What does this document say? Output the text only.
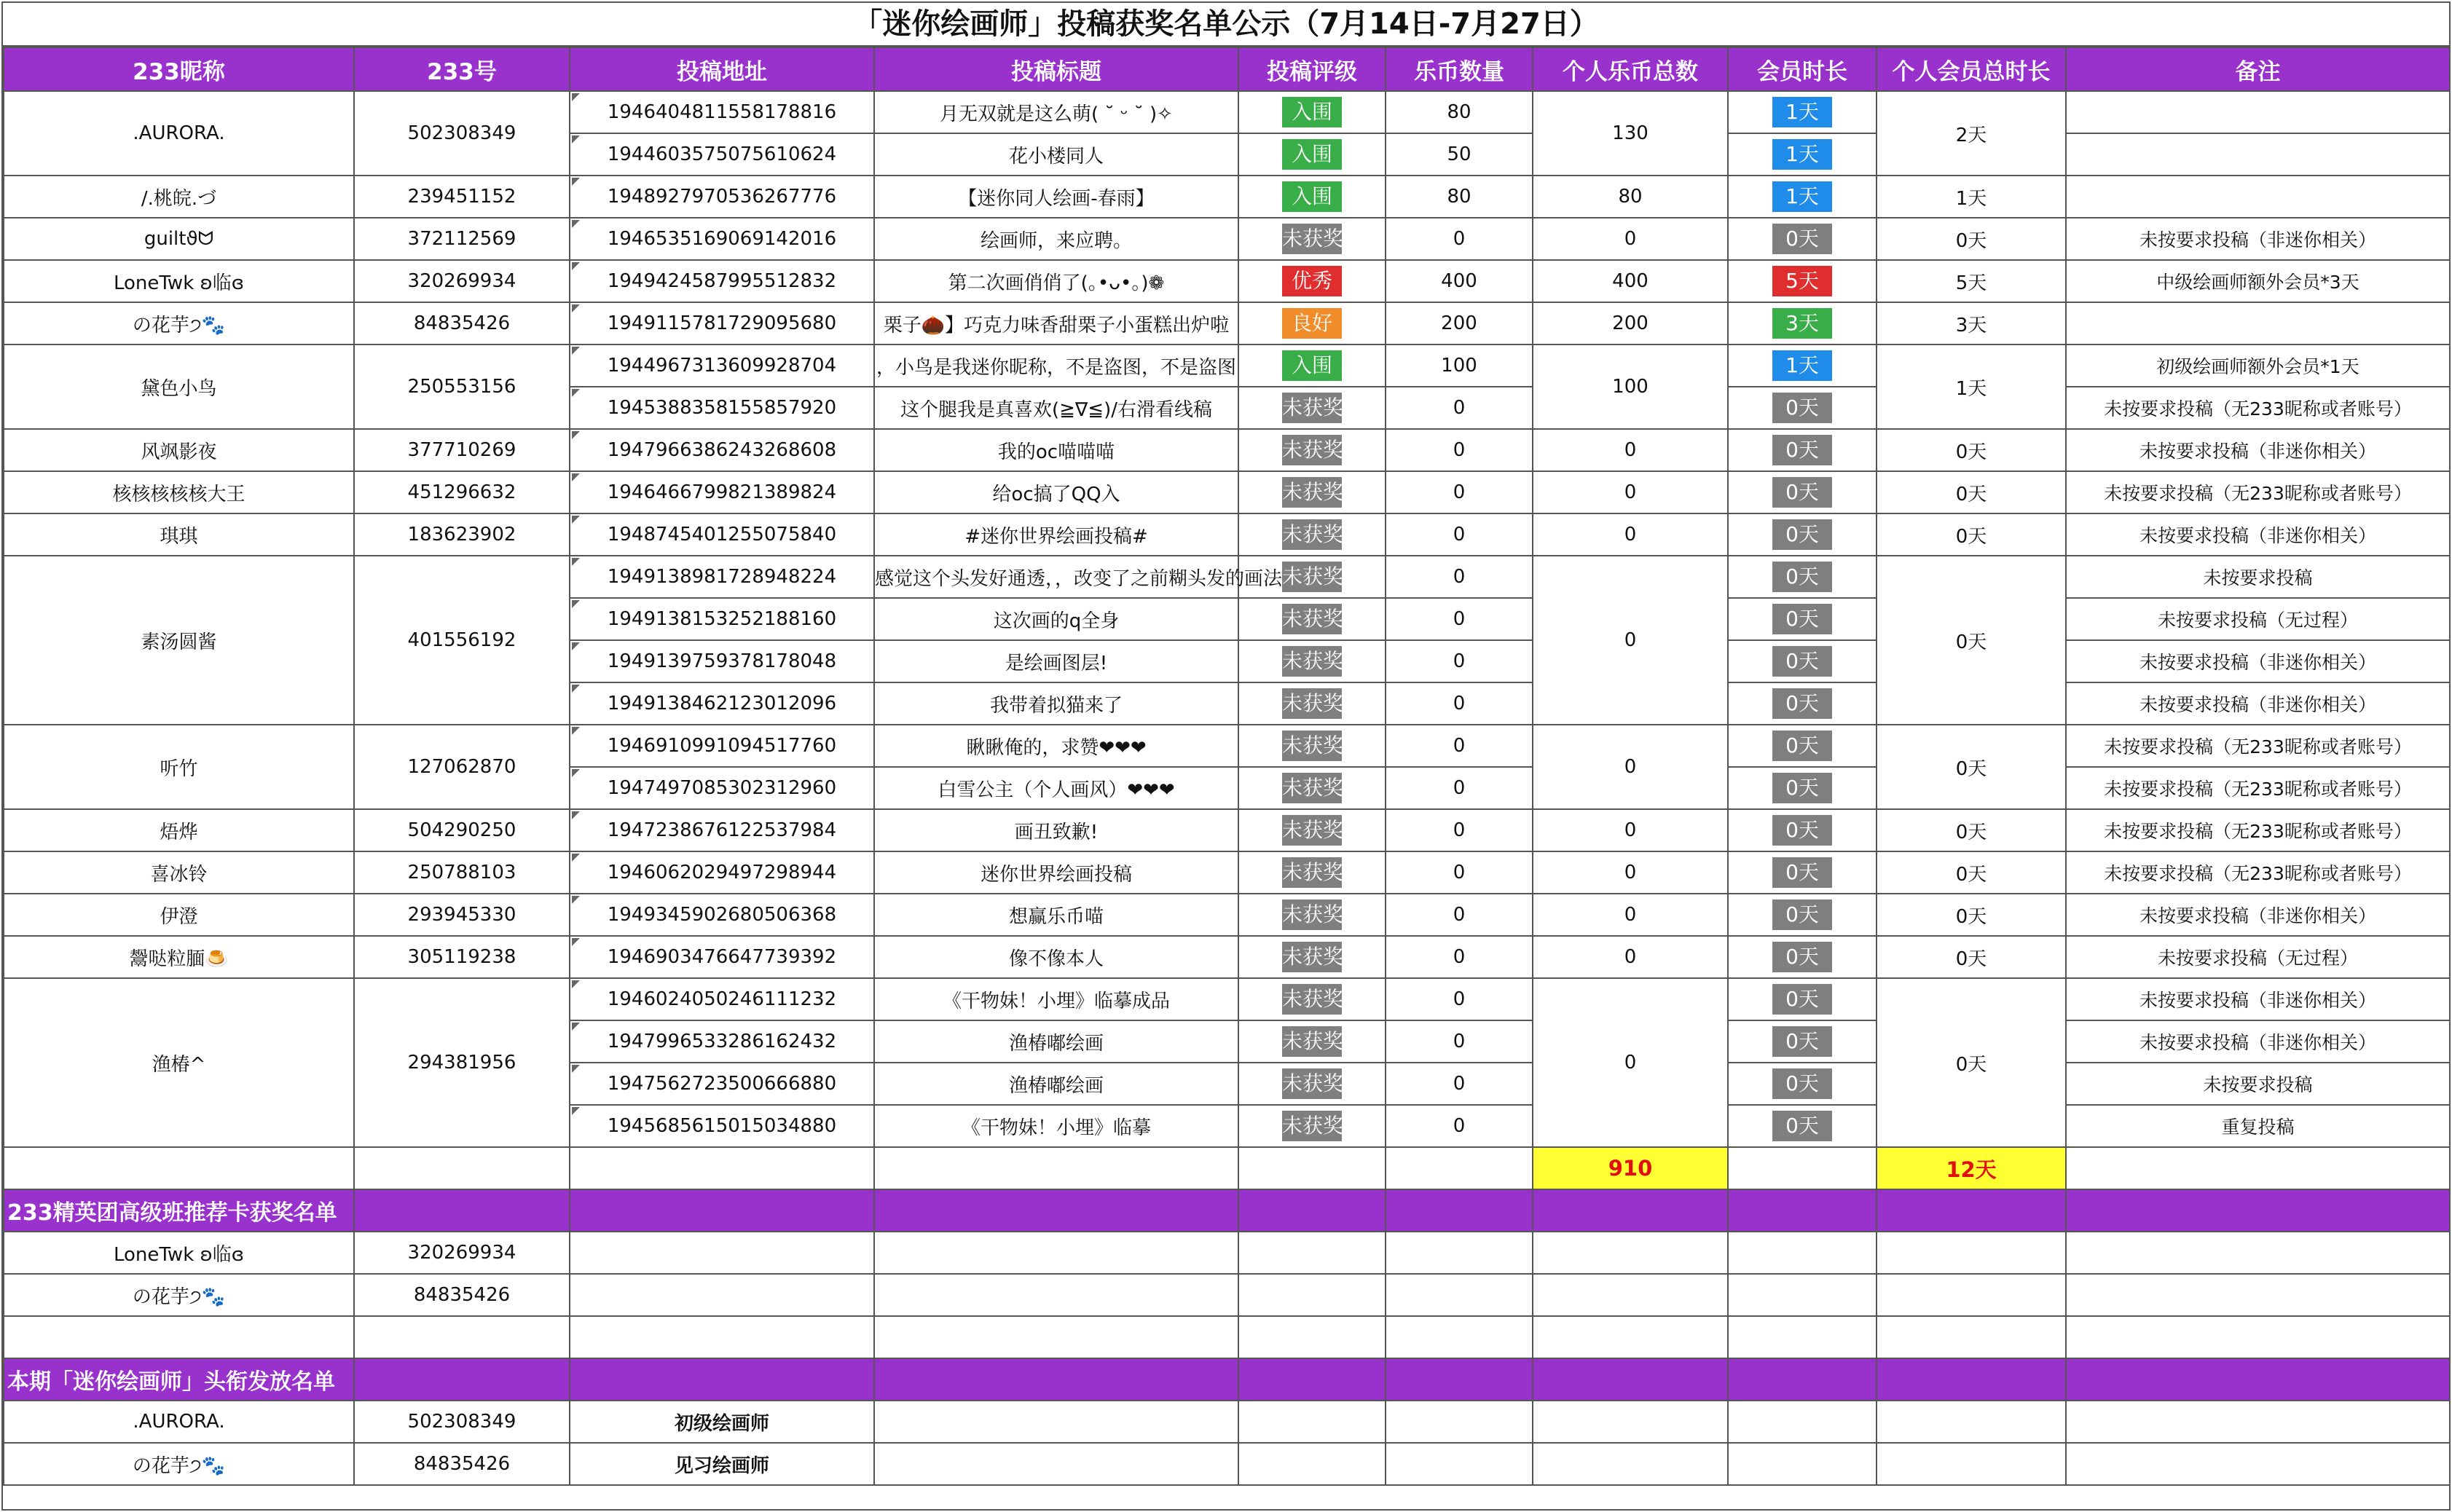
「迷你绘画师」投稿获奖名单公示（7月14日-7月27日）
233昵称	233号	投稿地址	投稿标题	投稿评级	乐币数量	个人乐币总数	会员时长	个人会员总时长	备注
.AURORA.	502308349	1946404811558178816	月无双就是这么萌( ˘ ᵕ ˘ )✧	入围	80	130	1天	2天	
		1944603575075610624	花小楼同人	入围	50		1天		
/.桃皖.づ	239451152	1948927970536267776	【迷你同人绘画-春雨】	入围	80	80	1天	1天	
guiltϑᗢ	372112569	1946535169069142016	绘画师，来应聘。	未获奖	0	0	0天	0天	未按要求投稿（非迷你相关）
LoneTwk ʚ临ɞ	320269934	1949424587995512832	第二次画俏俏了(｡•ᴗ•｡)❁	优秀	400	400	5天	5天	中级绘画师额外会员*3天
の花芋੭🐾	84835426	1949115781729095680	栗子🌰】巧克力味香甜栗子小蛋糕出炉啦	良好	200	200	3天	3天	
黛色小鸟	250553156	1944967313609928704	，小鸟是我迷你昵称，不是盗图，不是盗图	入围	100	100	1天	1天	初级绘画师额外会员*1天
		1945388358155857920	这个腿我是真喜欢(≧∇≦)/右滑看线稿	未获奖	0		0天		未按要求投稿（无233昵称或者账号）
风飒影夜	377710269	1947966386243268608	我的oc喵喵喵	未获奖	0	0	0天	0天	未按要求投稿（非迷你相关）
核核核核核大王	451296632	1946466799821389824	给oc搞了QQ入	未获奖	0	0	0天	0天	未按要求投稿（无233昵称或者账号）
琪琪	183623902	1948745401255075840	#迷你世界绘画投稿#	未获奖	0	0	0天	0天	未按要求投稿（非迷你相关）
素汤圆酱	401556192	1949138981728948224	感觉这个头发好通透，，改变了之前糊头发的画法	未获奖	0	0	0天	0天	未按要求投稿
		1949138153252188160	这次画的q全身	未获奖	0		0天		未按要求投稿（无过程）
		1949139759378178048	是绘画图层!	未获奖	0		0天		未按要求投稿（非迷你相关）
		1949138462123012096	我带着拟猫来了	未获奖	0		0天		未按要求投稿（非迷你相关）
听竹	127062870	1946910991094517760	瞅瞅俺的，求赞❤❤❤	未获奖	0	0	0天	0天	未按要求投稿（无233昵称或者账号）
		1947497085302312960	白雪公主（个人画风）❤❤❤	未获奖	0		0天		未按要求投稿（无233昵称或者账号）
焐烨	504290250	1947238676122537984	画丑致歉!	未获奖	0	0	0天	0天	未按要求投稿（无233昵称或者账号）
喜冰铃	250788103	1946062029497298944	迷你世界绘画投稿	未获奖	0	0	0天	0天	未按要求投稿（无233昵称或者账号）
伊澄	293945330	1949345902680506368	想赢乐币喵	未获奖	0	0	0天	0天	未按要求投稿（非迷你相关）
鬶哒粒腼🍮	305119238	1946903476647739392	像不像本人	未获奖	0	0	0天	0天	未按要求投稿（无过程）
渔椿^	294381956	1946024050246111232	《干物妹！小埋》临摹成品	未获奖	0	0	0天	0天	未按要求投稿（非迷你相关）
		1947996533286162432	渔椿嘟绘画	未获奖	0		0天		未按要求投稿（非迷你相关）
		1947562723500666880	渔椿嘟绘画	未获奖	0		0天		未按要求投稿
		1945685615015034880	《干物妹！小埋》临摹	未获奖	0		0天		重复投稿
						910		12天	
233精英团高级班推荐卡获奖名单									
LoneTwk ʚ临ɞ	320269934								
の花芋੭🐾	84835426								

本期「迷你绘画师」头衔发放名单									
.AURORA.	502308349	初级绘画师							
の花芋੭🐾	84835426	见习绘画师							
